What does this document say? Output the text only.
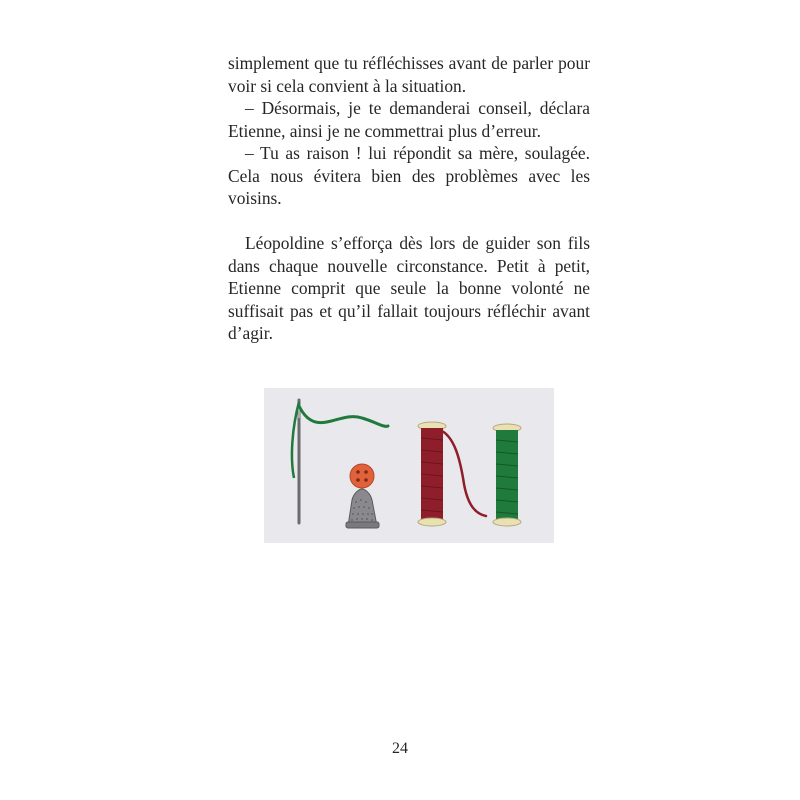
simplement que tu réfléchisses avant de parler pour voir si cela convient à la situation.

– Désormais, je te demanderai conseil, déclara Etienne, ainsi je ne commettrai plus d’erreur.

– Tu as raison ! lui répondit sa mère, soulagée. Cela nous évitera bien des problèmes avec les voisins.

Léopoldine s’efforça dès lors de guider son fils dans chaque nouvelle circonstance. Petit à petit, Etienne comprit que seule la bonne volonté ne suffisait pas et qu’il fallait toujours réfléchir avant d’agir.

24
